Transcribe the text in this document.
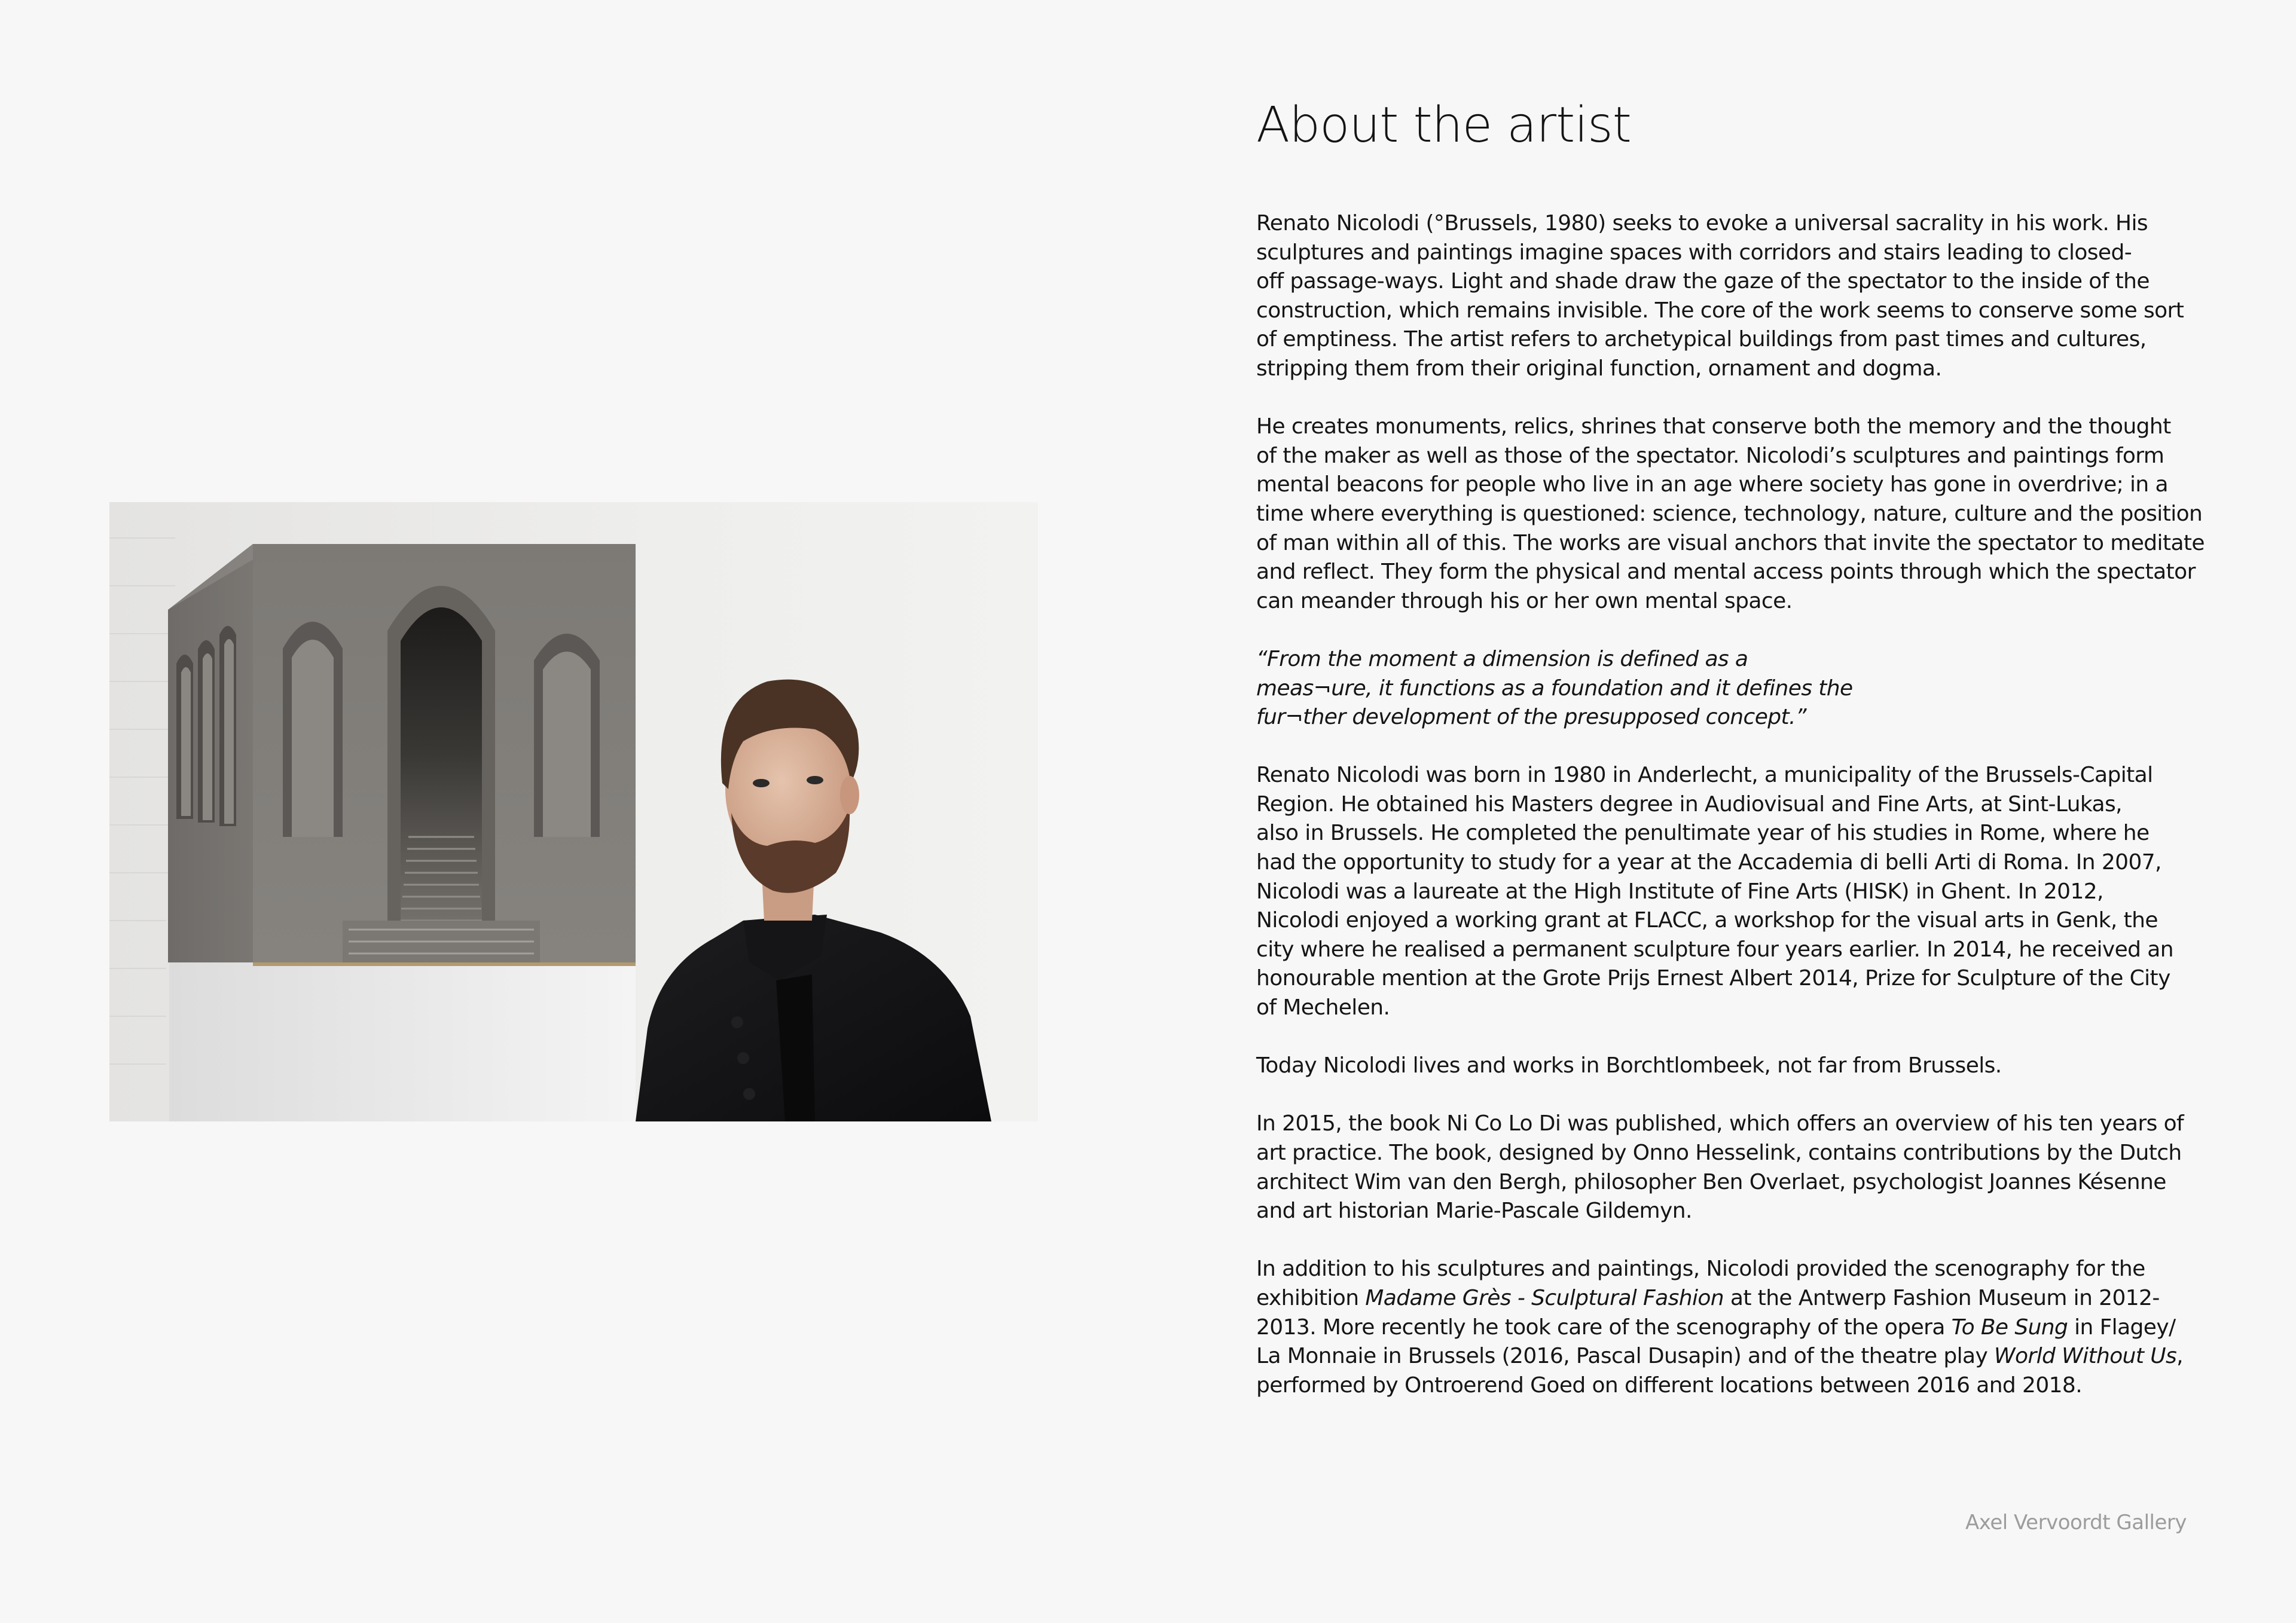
About the artist

Renato Nicolodi (°Brussels, 1980) seeks to evoke a universal sacrality in his work. His
sculptures and paintings imagine spaces with corridors and stairs leading to closed-
off passage-ways. Light and shade draw the gaze of the spectator to the inside of the
construction, which remains invisible. The core of the work seems to conserve some sort
of emptiness. The artist refers to archetypical buildings from past times and cultures,
stripping them from their original function, ornament and dogma.

He creates monuments, relics, shrines that conserve both the memory and the thought
of the maker as well as those of the spectator. Nicolodi’s sculptures and paintings form
mental beacons for people who live in an age where society has gone in overdrive; in a
time where everything is questioned: science, technology, nature, culture and the position
of man within all of this. The works are visual anchors that invite the spectator to meditate
and reflect. They form the physical and mental access points through which the spectator
can meander through his or her own mental space.

“From the moment a dimension is defined as a
meas¬ure, it functions as a foundation and it defines the
fur¬ther development of the presupposed concept.”

Renato Nicolodi was born in 1980 in Anderlecht, a municipality of the Brussels-Capital
Region. He obtained his Masters degree in Audiovisual and Fine Arts, at Sint-Lukas,
also in Brussels. He completed the penultimate year of his studies in Rome, where he
had the opportunity to study for a year at the Accademia di belli Arti di Roma. In 2007,
Nicolodi was a laureate at the High Institute of Fine Arts (HISK) in Ghent. In 2012,
Nicolodi enjoyed a working grant at FLACC, a workshop for the visual arts in Genk, the
city where he realised a permanent sculpture four years earlier. In 2014, he received an
honourable mention at the Grote Prijs Ernest Albert 2014, Prize for Sculpture of the City
of Mechelen.

Today Nicolodi lives and works in Borchtlombeek, not far from Brussels.

In 2015, the book Ni Co Lo Di was published, which offers an overview of his ten years of
art practice. The book, designed by Onno Hesselink, contains contributions by the Dutch
architect Wim van den Bergh, philosopher Ben Overlaet, psychologist Joannes Késenne
and art historian Marie-Pascale Gildemyn.

In addition to his sculptures and paintings, Nicolodi provided the scenography for the
exhibition Madame Grès - Sculptural Fashion at the Antwerp Fashion Museum in 2012-
2013. More recently he took care of the scenography of the opera To Be Sung in Flagey/
La Monnaie in Brussels (2016, Pascal Dusapin) and of the theatre play World Without Us,
performed by Ontroerend Goed on different locations between 2016 and 2018.

Axel Vervoordt Gallery
